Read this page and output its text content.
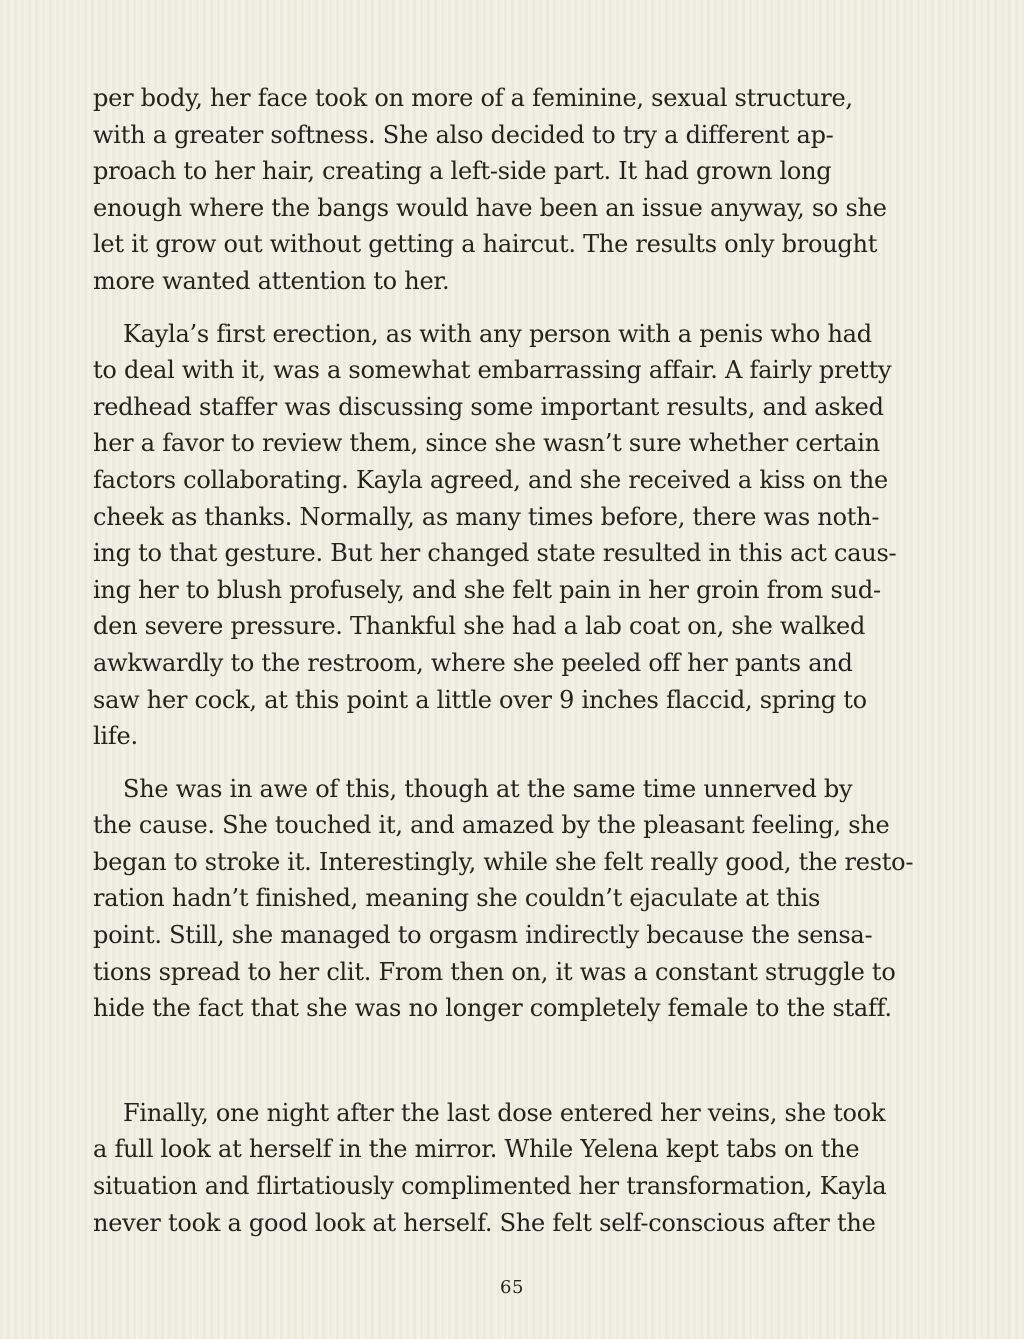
per body, her face took on more of a feminine, sexual structure,
with a greater softness. She also decided to try a different ap-
proach to her hair, creating a left-side part. It had grown long
enough where the bangs would have been an issue anyway, so she
let it grow out without getting a haircut. The results only brought
more wanted attention to her.
Kayla’s first erection, as with any person with a penis who had
to deal with it, was a somewhat embarrassing affair. A fairly pretty
redhead staffer was discussing some important results, and asked
her a favor to review them, since she wasn’t sure whether certain
factors collaborating. Kayla agreed, and she received a kiss on the
cheek as thanks. Normally, as many times before, there was noth-
ing to that gesture. But her changed state resulted in this act caus-
ing her to blush profusely, and she felt pain in her groin from sud-
den severe pressure. Thankful she had a lab coat on, she walked
awkwardly to the restroom, where she peeled off her pants and
saw her cock, at this point a little over 9 inches flaccid, spring to
life.
She was in awe of this, though at the same time unnerved by
the cause. She touched it, and amazed by the pleasant feeling, she
began to stroke it. Interestingly, while she felt really good, the resto-
ration hadn’t finished, meaning she couldn’t ejaculate at this
point. Still, she managed to orgasm indirectly because the sensa-
tions spread to her clit. From then on, it was a constant struggle to
hide the fact that she was no longer completely female to the staff.
Finally, one night after the last dose entered her veins, she took
a full look at herself in the mirror. While Yelena kept tabs on the
situation and flirtatiously complimented her transformation, Kayla
never took a good look at herself. She felt self-conscious after the
65
